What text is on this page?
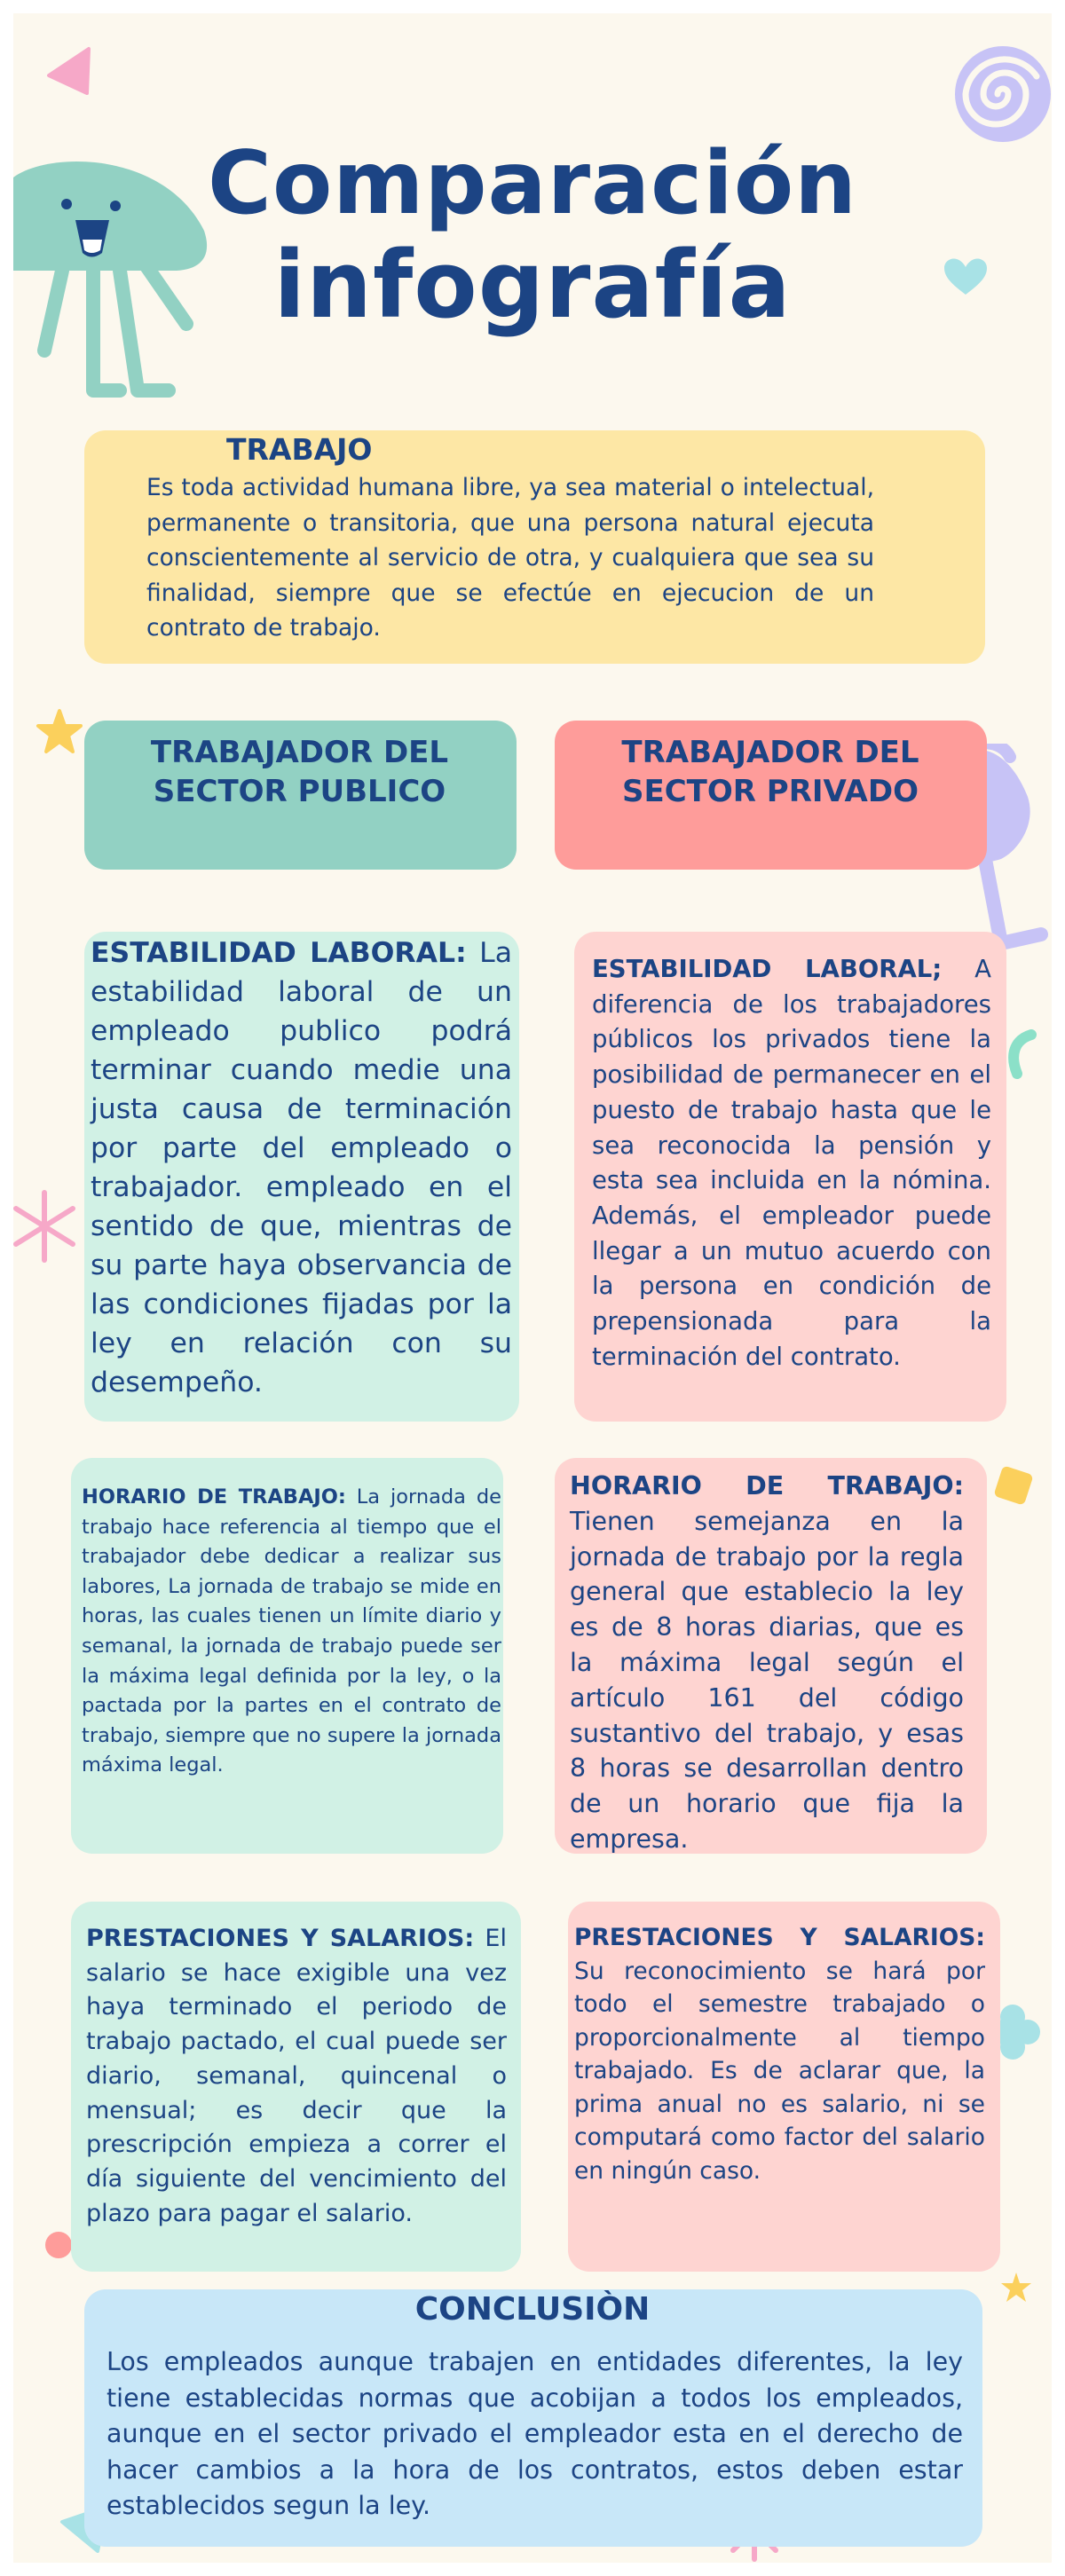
Comparación
infografía
TRABAJO
Es toda actividad humana libre, ya sea material o intelectual, permanente o transitoria, que una persona natural ejecuta conscientemente al servicio de otra, y cualquiera que sea su finalidad, siempre que se efectúe en ejecucion de un contrato de trabajo.
TRABAJADOR DEL SECTOR PUBLICO
TRABAJADOR DEL SECTOR PRIVADO
ESTABILIDAD LABORAL: La estabilidad laboral de un empleado publico podrá terminar cuando medie una justa causa de terminación por parte del empleado o trabajador. empleado en el sentido de que, mientras de su parte haya observancia de las condiciones fijadas por la ley en relación con su desempeño.
ESTABILIDAD LABORAL; A diferencia de los trabajadores públicos los privados tiene la posibilidad de permanecer en el puesto de trabajo hasta que le sea reconocida la pensión y esta sea incluida en la nómina. Además, el empleador puede llegar a un mutuo acuerdo con la persona en condición de prepensionada para la terminación del contrato.
HORARIO DE TRABAJO: La jornada de trabajo hace referencia al tiempo que el trabajador debe dedicar a realizar sus labores, La jornada de trabajo se mide en horas, las cuales tienen un límite diario y semanal, la jornada de trabajo puede ser la máxima legal definida por la ley, o la pactada por la partes en el contrato de trabajo, siempre que no supere la jornada máxima legal.
HORARIO DE TRABAJO: Tienen semejanza en la jornada de trabajo por la regla general que establecio la ley es de 8 horas diarias, que es la máxima legal según el artículo 161 del código sustantivo del trabajo, y esas 8 horas se desarrollan dentro de un horario que fija la empresa.
PRESTACIONES Y SALARIOS: El salario se hace exigible una vez haya terminado el periodo de trabajo pactado, el cual puede ser diario, semanal, quincenal o mensual; es decir que la prescripción empieza a correr el día siguiente del vencimiento del plazo para pagar el salario.
PRESTACIONES Y SALARIOS: Su reconocimiento se hará por todo el semestre trabajado o proporcionalmente al tiempo trabajado. Es de aclarar que, la prima anual no es salario, ni se computará como factor del salario en ningún caso.
CONCLUSIÒN
Los empleados aunque trabajen en entidades diferentes, la ley tiene establecidas normas que acobijan a todos los empleados, aunque en el sector privado el empleador esta en el derecho de hacer cambios a la hora de los contratos, estos deben estar establecidos segun la ley.
